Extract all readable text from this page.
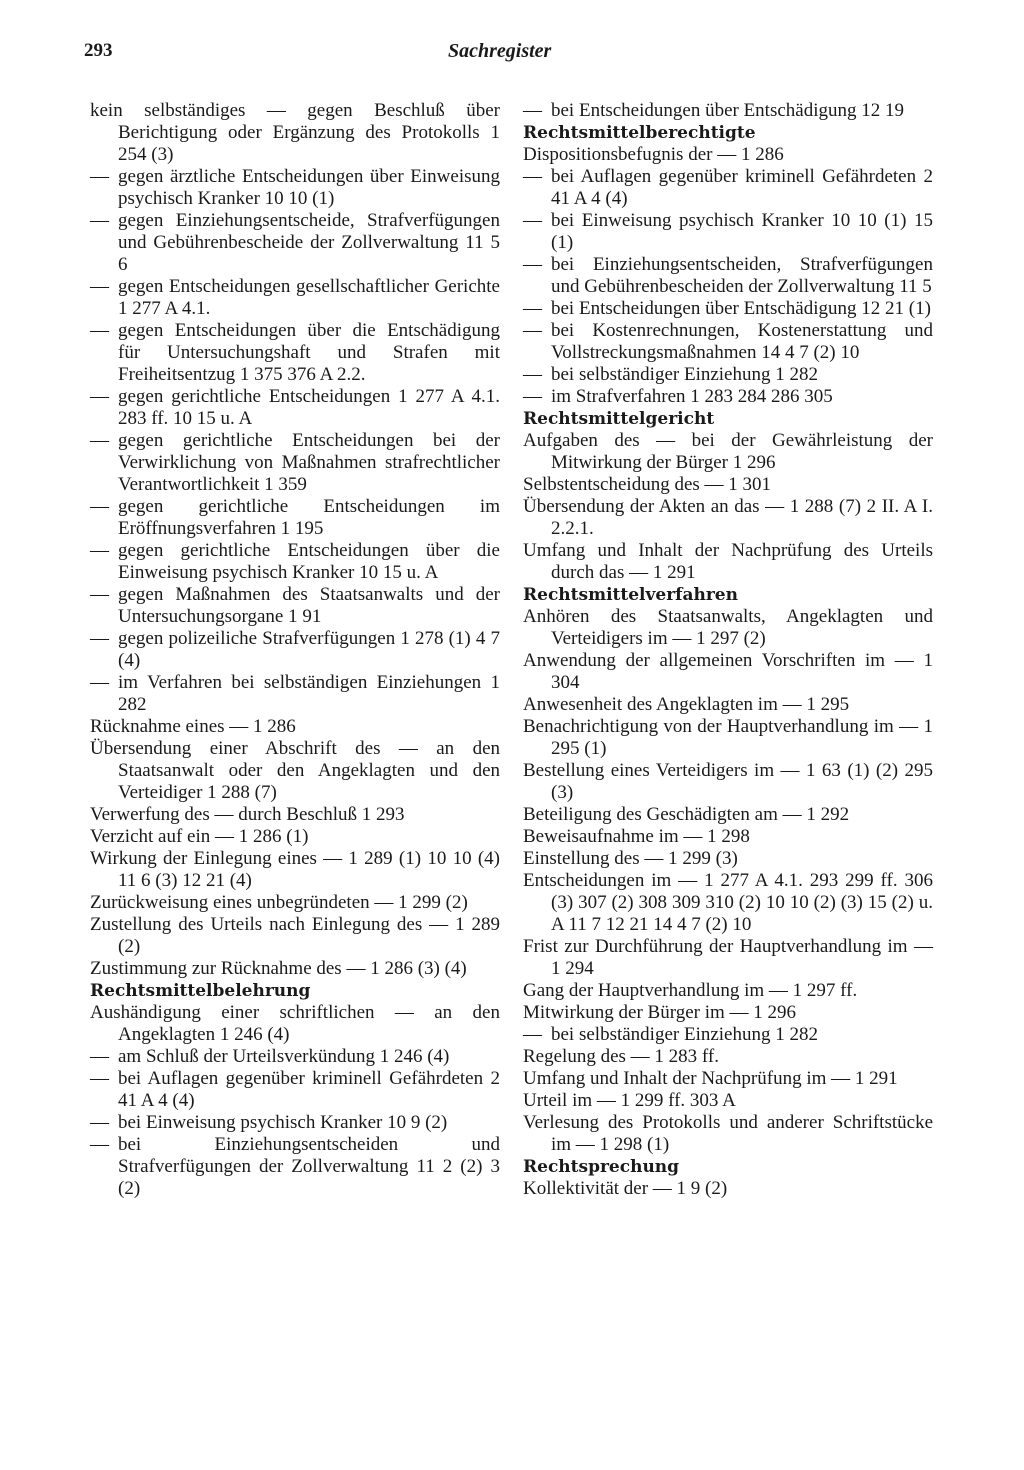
293	Sachregister
kein selbständiges — gegen Beschluß über Berichtigung oder Ergänzung des Protokolls 1 254 (3)
— gegen ärztliche Entscheidungen über Einweisung psychisch Kranker 10 10 (1)
— gegen Einziehungsentscheide, Strafverfügungen und Gebührenbescheide der Zollverwaltung 11 5 6
— gegen Entscheidungen gesellschaftlicher Gerichte 1 277 A 4.1.
— gegen Entscheidungen über die Entschädigung für Untersuchungshaft und Strafen mit Freiheitsentzug 1 375 376 A 2.2.
— gegen gerichtliche Entscheidungen 1 277 A 4.1. 283 ff. 10 15 u. A
— gegen gerichtliche Entscheidungen bei der Verwirklichung von Maßnahmen strafrechtlicher Verantwortlichkeit 1 359
— gegen gerichtliche Entscheidungen im Eröffnungsverfahren 1 195
— gegen gerichtliche Entscheidungen über die Einweisung psychisch Kranker 10 15 u. A
— gegen Maßnahmen des Staatsanwalts und der Untersuchungsorgane 1 91
— gegen polizeiliche Strafverfügungen 1 278 (1) 4 7 (4)
— im Verfahren bei selbständigen Einziehungen 1 282
Rücknahme eines — 1 286
Übersendung einer Abschrift des — an den Staatsanwalt oder den Angeklagten und den Verteidiger 1 288 (7)
Verwerfung des — durch Beschluß 1 293
Verzicht auf ein — 1 286 (1)
Wirkung der Einlegung eines — 1 289 (1) 10 10 (4) 11 6 (3) 12 21 (4)
Zurückweisung eines unbegründeten — 1 299 (2)
Zustellung des Urteils nach Einlegung des — 1 289 (2)
Zustimmung zur Rücknahme des — 1 286 (3) (4)
Rechtsmittelbelehrung
Aushändigung einer schriftlichen — an den Angeklagten 1 246 (4)
— am Schluß der Urteilsverkündung 1 246 (4)
— bei Auflagen gegenüber kriminell Gefährdeten 2 41 A 4 (4)
— bei Einweisung psychisch Kranker 10 9 (2)
— bei Einziehungsentscheiden und Strafverfügungen der Zollverwaltung 11 2 (2) 3 (2)
— bei Entscheidungen über Entschädigung 12 19
Rechtsmittelberechtigte
Dispositionsbefugnis der — 1 286
— bei Auflagen gegenüber kriminell Gefährdeten 2 41 A 4 (4)
— bei Einweisung psychisch Kranker 10 10 (1) 15 (1)
— bei Einziehungsentscheiden, Strafverfügungen und Gebührenbescheiden der Zollverwaltung 11 5
— bei Entscheidungen über Entschädigung 12 21 (1)
— bei Kostenrechnungen, Kostenerstattung und Vollstreckungsmaßnahmen 14 4 7 (2) 10
— bei selbständiger Einziehung 1 282
— im Strafverfahren 1 283 284 286 305
Rechtsmittelgericht
Aufgaben des — bei der Gewährleistung der Mitwirkung der Bürger 1 296
Selbstentscheidung des — 1 301
Übersendung der Akten an das — 1 288 (7) 2 II. A I. 2.2.1.
Umfang und Inhalt der Nachprüfung des Urteils durch das — 1 291
Rechtsmittelverfahren
Anhören des Staatsanwalts, Angeklagten und Verteidigers im — 1 297 (2)
Anwendung der allgemeinen Vorschriften im — 1 304
Anwesenheit des Angeklagten im — 1 295
Benachrichtigung von der Hauptverhandlung im — 1 295 (1)
Bestellung eines Verteidigers im — 1 63 (1) (2) 295 (3)
Beteiligung des Geschädigten am — 1 292
Beweisaufnahme im — 1 298
Einstellung des — 1 299 (3)
Entscheidungen im — 1 277 A 4.1. 293 299 ff. 306 (3) 307 (2) 308 309 310 (2) 10 10 (2) (3) 15 (2) u. A 11 7 12 21 14 4 7 (2) 10
Frist zur Durchführung der Hauptverhandlung im — 1 294
Gang der Hauptverhandlung im — 1 297 ff.
Mitwirkung der Bürger im — 1 296
— bei selbständiger Einziehung 1 282
Regelung des — 1 283 ff.
Umfang und Inhalt der Nachprüfung im — 1 291
Urteil im — 1 299 ff. 303 A
Verlesung des Protokolls und anderer Schriftstücke im — 1 298 (1)
Rechtsprechung
Kollektivität der — 1 9 (2)
